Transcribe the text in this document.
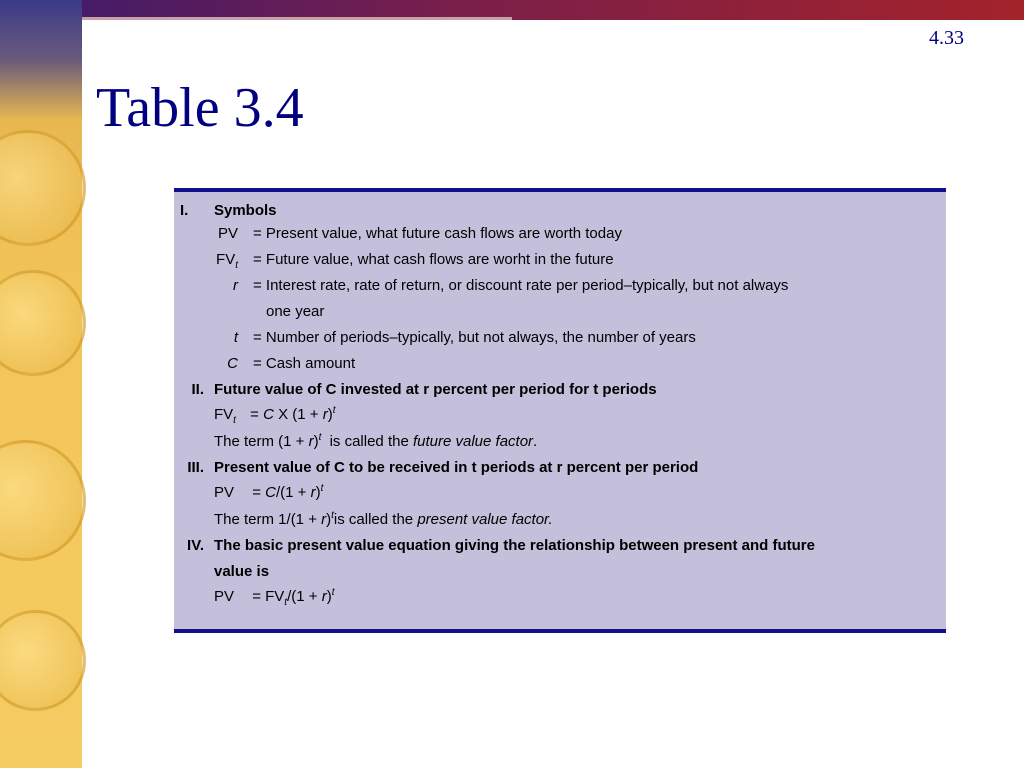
4.33
Table 3.4
I.	Symbols
PV = Present value, what future cash flows are worth today
$FV_t$ = Future value, what cash flows are worht in the future
r = Interest rate, rate of return, or discount rate per period–typically, but not always
one year
t = Number of periods–typically, but not always, the number of years
C = Cash amount
II. Future value of C invested at r percent per period for t periods
$FV_t = C$ X $(1 + r)^t$
The term $(1 + r)^t$ is called the future value factor.
III. Present value of C to be received in t periods at r percent per period
PV = $C/(1 + r)^t$
The term $1/(1 + r)^tis$ called the present value factor.
IV. The basic present value equation giving the relationship between present and future
value is
PV = $FV_t/(1 + r)^t$
